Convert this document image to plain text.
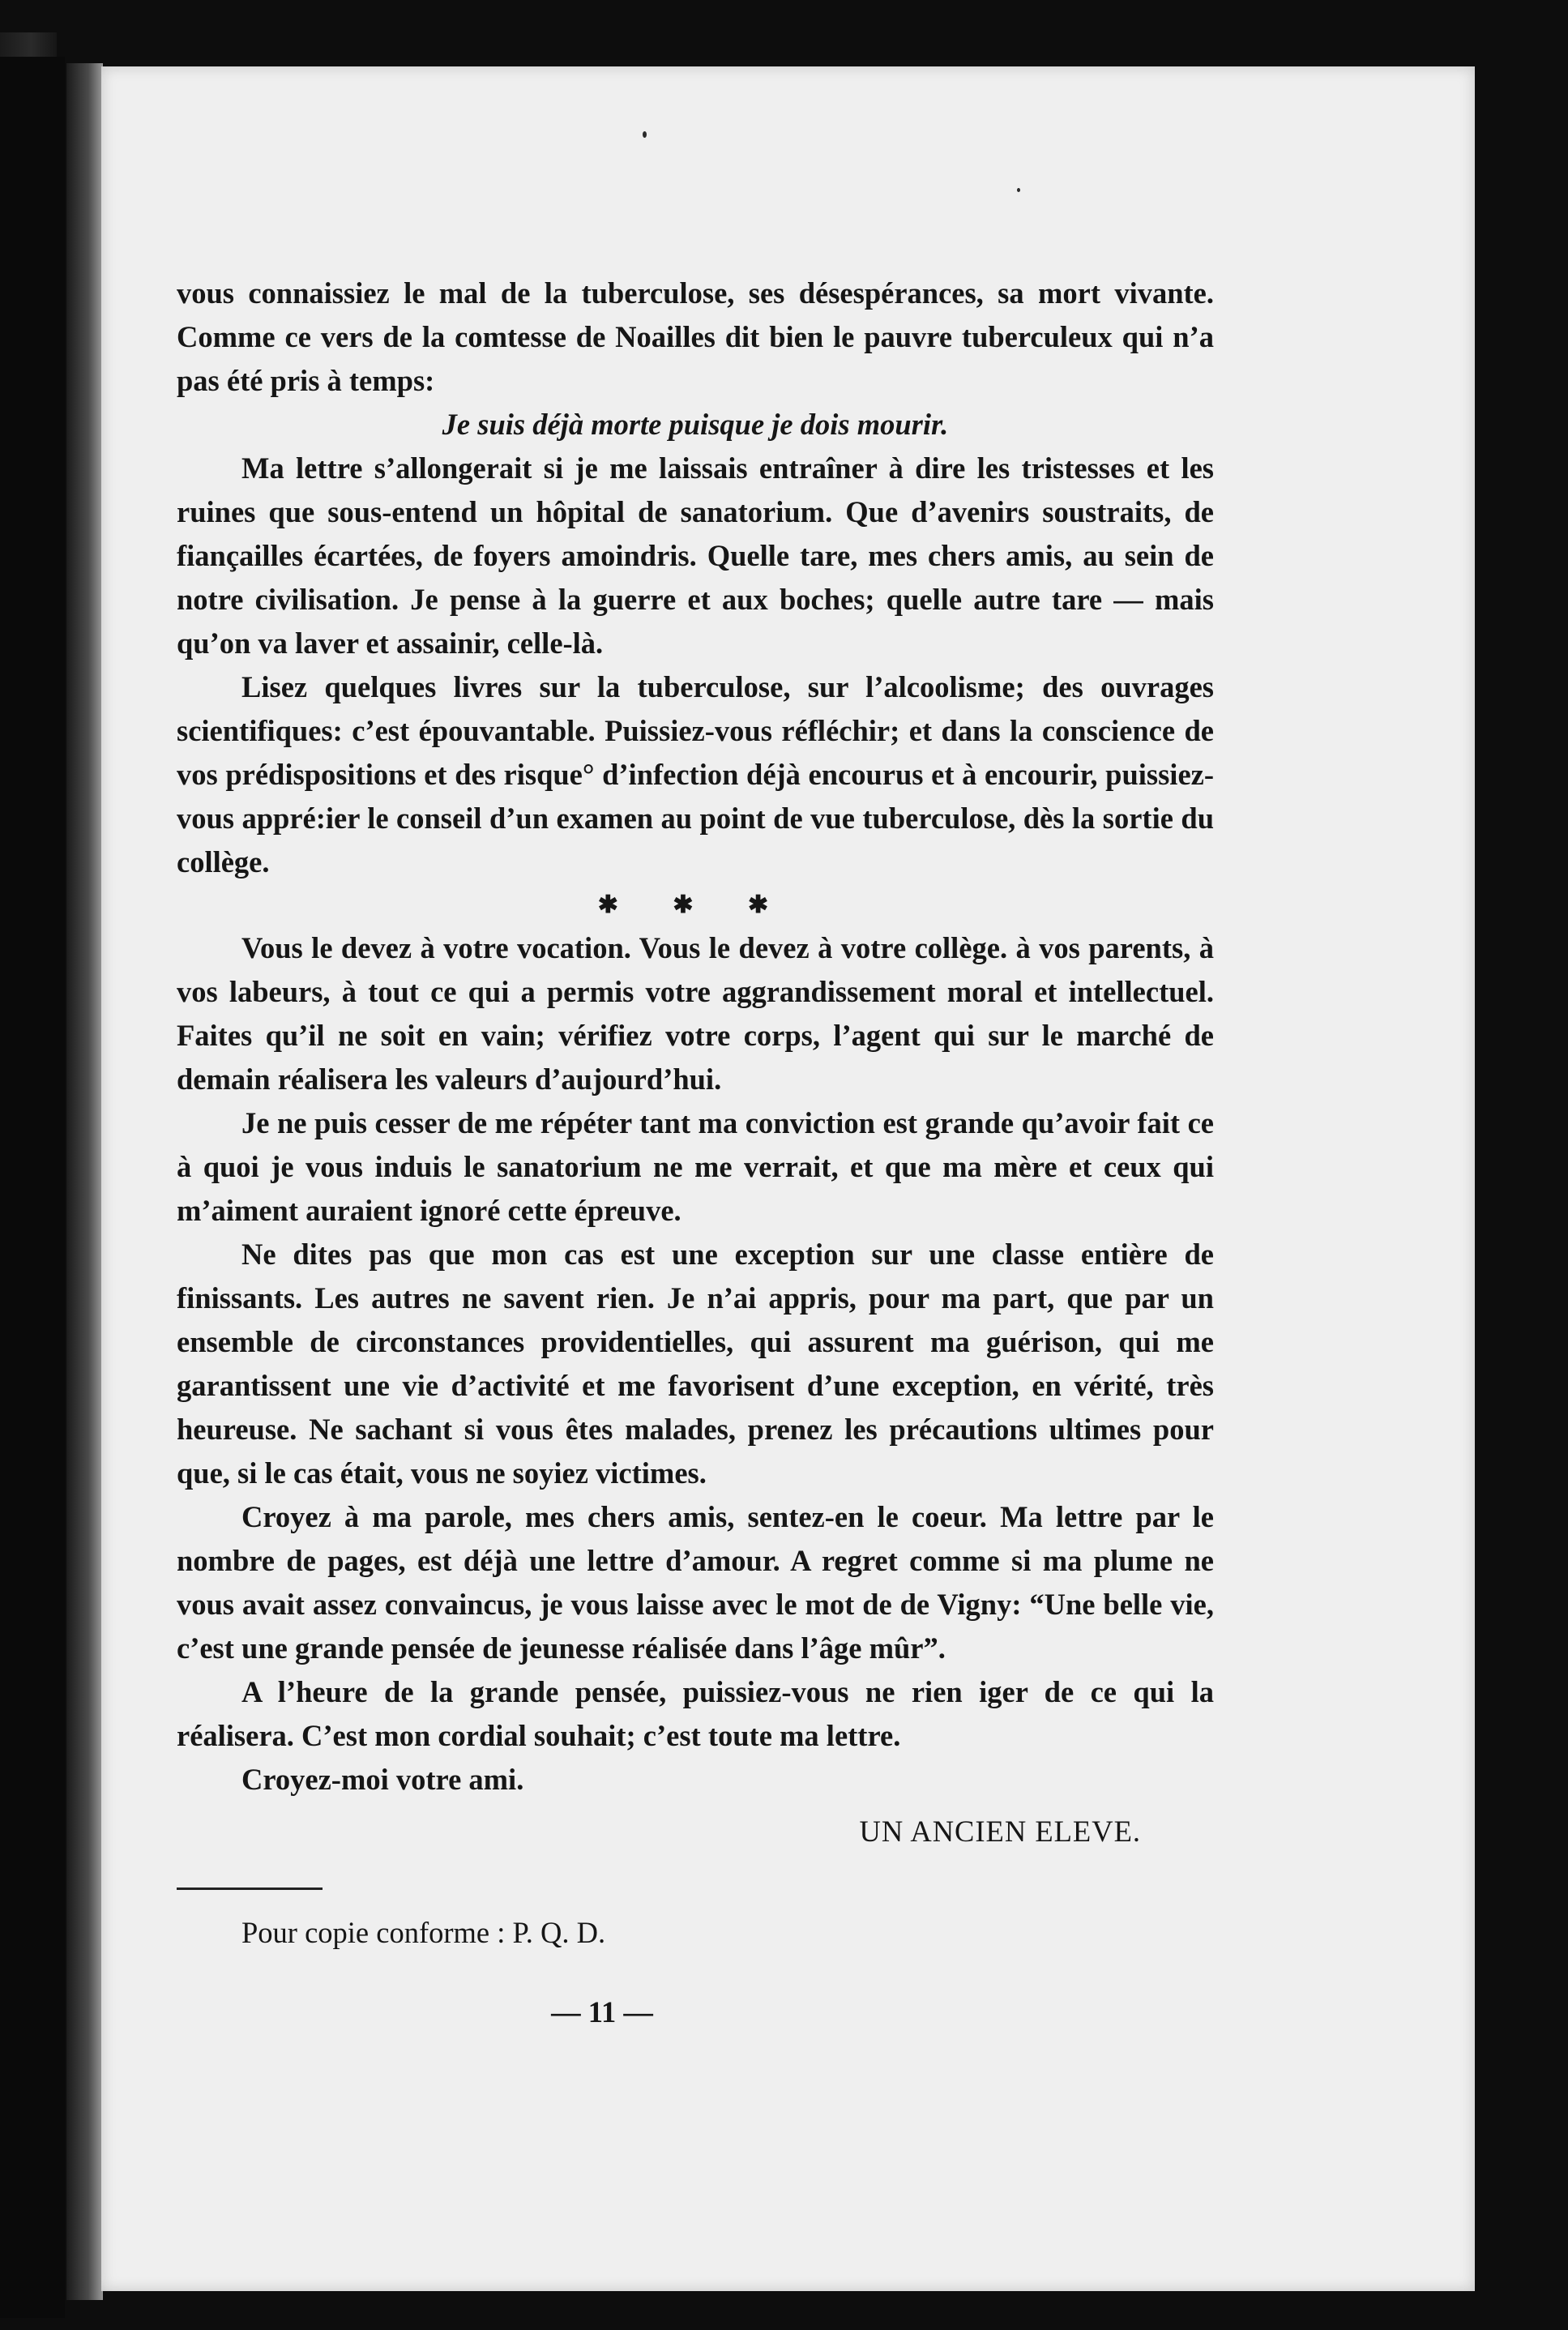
vous connaissiez le mal de la tuberculose, ses désespérances, sa mort vivante. Comme ce vers de la comtesse de Noailles dit bien le pauvre tuberculeux qui n’a pas été pris à temps:

Je suis déjà morte puisque je dois mourir.

Ma lettre s’allongerait si je me laissais entraîner à dire les tristesses et les ruines que sous-entend un hôpital de sanatorium. Que d’avenirs soustraits, de fiançailles écartées, de foyers amoindris. Quelle tare, mes chers amis, au sein de notre civilisation. Je pense à la guerre et aux boches; quelle autre tare — mais qu’on va laver et assainir, celle-là.

Lisez quelques livres sur la tuberculose, sur l’alcoolisme; des ouvrages scientifiques: c’est épouvantable. Puissiez-vous réfléchir; et dans la conscience de vos prédispositions et des risque° d’infection déjà encourus et à encourir, puissiez-vous appré:ier le conseil d’un examen au point de vue tuberculose, dès la sortie du collège.

✱ ✱ ✱

Vous le devez à votre vocation. Vous le devez à votre collège. à vos parents, à vos labeurs, à tout ce qui a permis votre aggrandissement moral et intellectuel. Faites qu’il ne soit en vain; vérifiez votre corps, l’agent qui sur le marché de demain réalisera les valeurs d’aujourd’hui.

Je ne puis cesser de me répéter tant ma conviction est grande qu’avoir fait ce à quoi je vous induis le sanatorium ne me verrait, et que ma mère et ceux qui m’aiment auraient ignoré cette épreuve.

Ne dites pas que mon cas est une exception sur une classe entière de finissants. Les autres ne savent rien. Je n’ai appris, pour ma part, que par un ensemble de circonstances providentielles, qui assurent ma guérison, qui me garantissent une vie d’activité et me favorisent d’une exception, en vérité, très heureuse. Ne sachant si vous êtes malades, prenez les précautions ultimes pour que, si le cas était, vous ne soyiez victimes.

Croyez à ma parole, mes chers amis, sentez-en le coeur. Ma lettre par le nombre de pages, est déjà une lettre d’amour. A regret comme si ma plume ne vous avait assez convaincus, je vous laisse avec le mot de de Vigny: “Une belle vie, c’est une grande pensée de jeunesse réalisée dans l’âge mûr”.

A l’heure de la grande pensée, puissiez-vous ne rien iger de ce qui la réalisera. C’est mon cordial souhait; c’est toute ma lettre.

Croyez-moi votre ami.

UN ANCIEN ELEVE.

Pour copie conforme : P. Q. D.

— 11 —
